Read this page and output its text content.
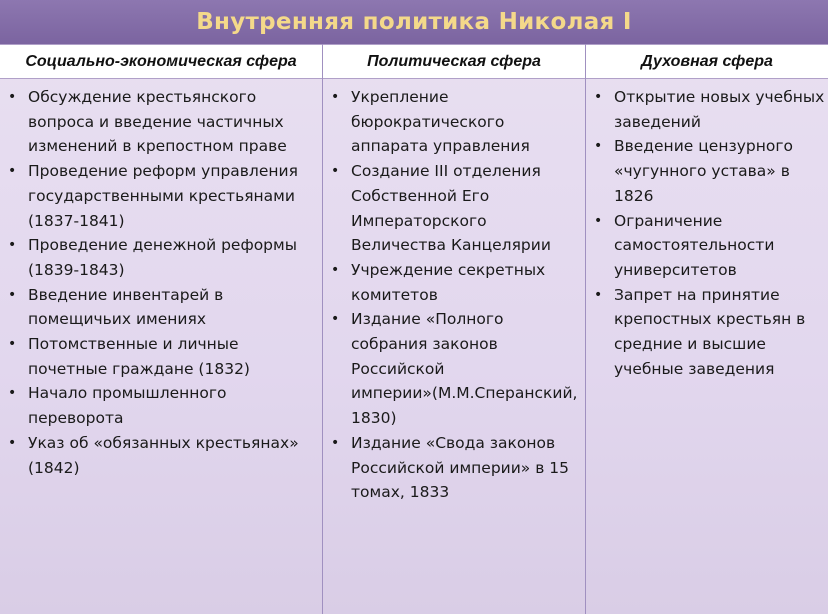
Внутренняя политика Николая I
Социально-экономическая сфера	Политическая сфера	Духовная сфера
• Обсуждение крестьянского вопроса и введение частичных изменений в крепостном праве
• Проведение реформ управления государственными крестьянами (1837-1841)
• Проведение денежной реформы (1839-1843)
• Введение инвентарей в помещичьих имениях
• Потомственные и личные почетные граждане (1832)
• Начало промышленного переворота
• Указ об «обязанных крестьянах» (1842)
• Укрепление бюрократического аппарата управления
• Создание III отделения Собственной Его Императорского Величества Канцелярии
• Учреждение секретных комитетов
• Издание «Полного собрания законов Российской империи»(М.М.Сперанский, 1830)
• Издание «Свода законов Российской империи» в 15 томах, 1833
• Открытие новых учебных заведений
• Введение цензурного «чугунного устава» в 1826
• Ограничение самостоятельности университетов
• Запрет на принятие крепостных крестьян в средние и высшие учебные заведения
